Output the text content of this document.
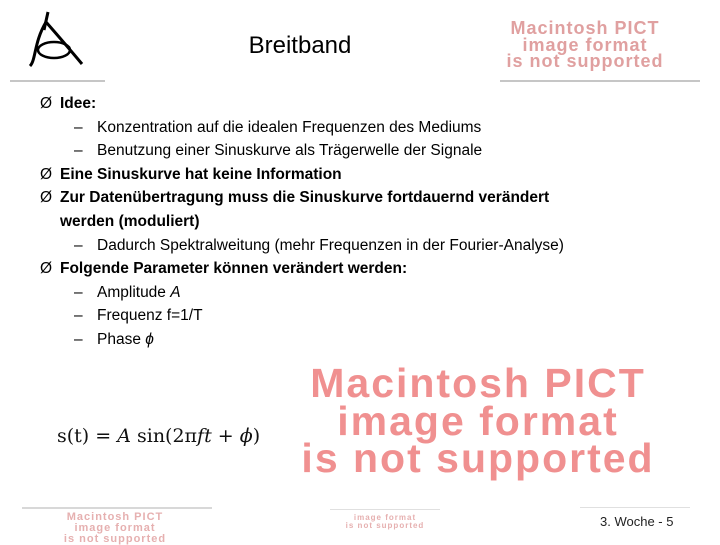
Breitband
Macintosh PICT
image format
is not supported
Ø Idee:
– Konzentration auf die idealen Frequenzen des Mediums
– Benutzung einer Sinuskurve als Trägerwelle der Signale
Ø Eine Sinuskurve hat keine Information
Ø Zur Datenübertragung muss die Sinuskurve fortdauernd verändert
werden (moduliert)
– Dadurch Spektralweitung (mehr Frequenzen in der Fourier-Analyse)
Ø Folgende Parameter können verändert werden:
– Amplitude A
– Frequenz f=1/T
– Phase ϕ
Macintosh PICT
image format
is not supported
s(t) = A sin(2πft + ϕ)
Macintosh PICT
image format
is not supported
image format
is not supported	3. Woche - 5
